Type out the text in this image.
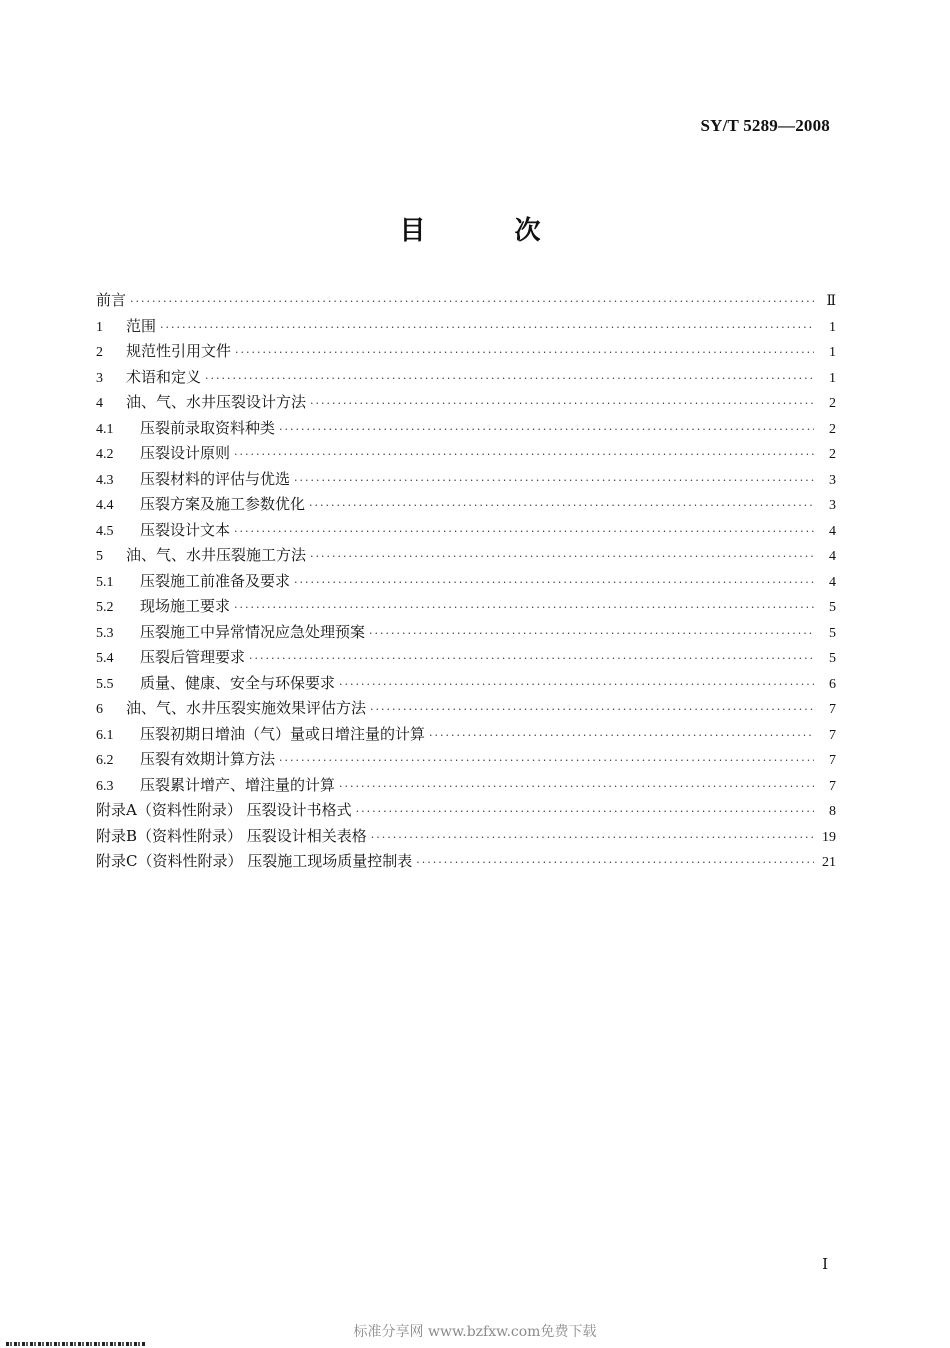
SY/T 5289—2008
目 次
前言 ·····	Ⅱ
1	范围 ·····	1
2	规范性引用文件 ·····	1
3	术语和定义 ·····	1
4	油、气、水井压裂设计方法 ·····	2
4.1	压裂前录取资料种类 ·····	2
4.2	压裂设计原则 ·····	2
4.3	压裂材料的评估与优选 ·····	3
4.4	压裂方案及施工参数优化 ·····	3
4.5	压裂设计文本 ·····	4
5	油、气、水井压裂施工方法 ·····	4
5.1	压裂施工前准备及要求 ·····	4
5.2	现场施工要求 ·····	5
5.3	压裂施工中异常情况应急处理预案 ·····	5
5.4	压裂后管理要求 ·····	5
5.5	质量、健康、安全与环保要求 ·····	6
6	油、气、水井压裂实施效果评估方法 ·····	7
6.1	压裂初期日增油（气）量或日增注量的计算 ·····	7
6.2	压裂有效期计算方法 ·····	7
6.3	压裂累计增产、增注量的计算 ·····	7
附录A（资料性附录） 压裂设计书格式 ·····	8
附录B（资料性附录） 压裂设计相关表格 ·····	19
附录C（资料性附录） 压裂施工现场质量控制表 ·····	21
Ⅰ
标准分享网 www.bzfxw.com免费下载
